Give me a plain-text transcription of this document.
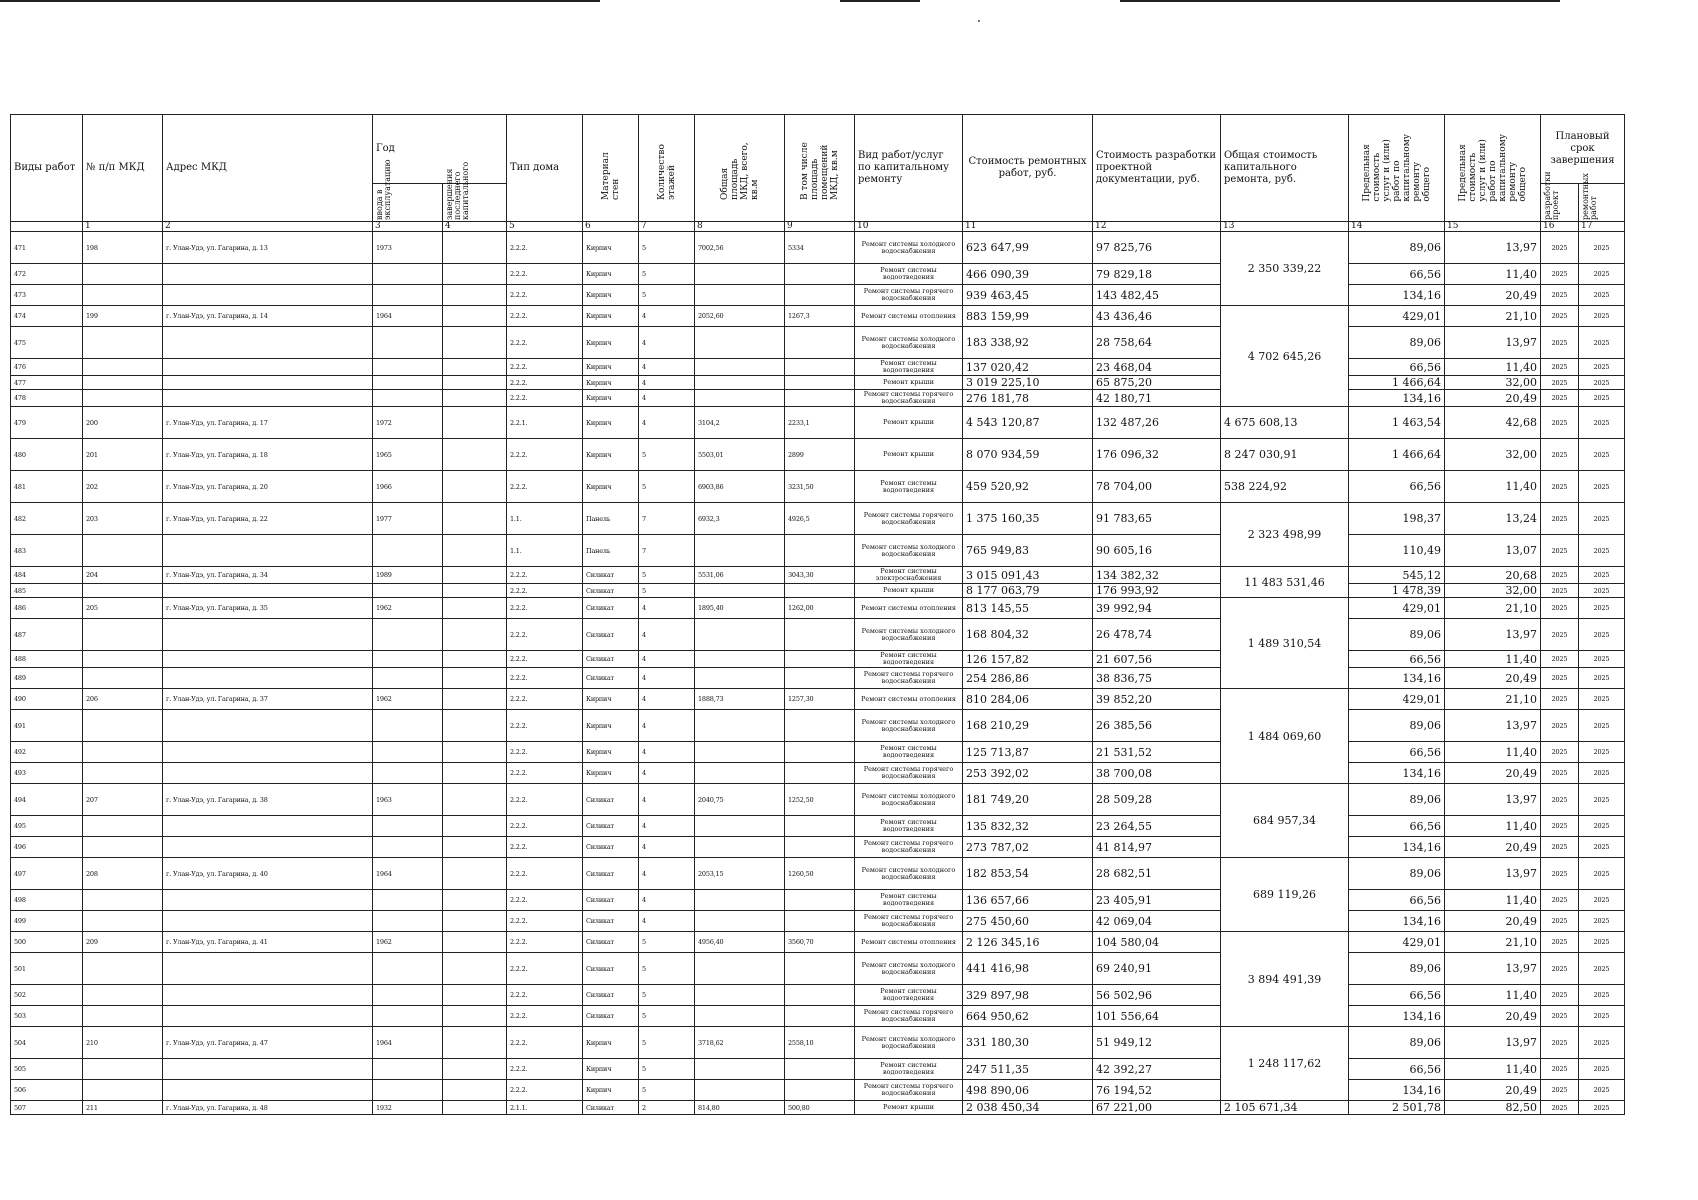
Виды работ	№ п/п МКД	Адрес МКД	Год		Тип дома	Материал стен	Количество этажей	Общая площадь МКД, всего, кв.м	В том числе площадь помещений МКД, кв.м	Вид работ/услуг по капитальному ремонту	Стоимость ремонтных работ, руб.	Стоимость разработки проектной документации, руб.	Общая стоимость капитального ремонта, руб.	Предельная стоимость услуг и (или) работ по капитальному ремонту общего	Предельная стоимость услуг и (или) работ по капитальному ремонту общего	Плановый срок завершения	

			ввода в эксплуатацию	завершения последнего капитального												разработки проект	ремонтных работ

	1	2	3	4	5	6	7	8	9	10	11	12	13	14	15	16	17
471	198	г. Улан-Удэ, ул. Гагарина, д. 13	1973		2.2.2.	Кирпич	5	7002,56	5334	Ремонт системы холодного водоснабжения	623 647,99	97 825,76	2 350 339,22	89,06	13,97	2025	2025
472					2.2.2.	Кирпич	5			Ремонт системы водоотведения	466 090,39	79 829,18		66,56	11,40	2025	2025
473					2.2.2.	Кирпич	5			Ремонт системы горячего водоснабжения	939 463,45	143 482,45		134,16	20,49	2025	2025
474	199	г. Улан-Удэ, ул. Гагарина, д. 14	1964		2.2.2.	Кирпич	4	2052,60	1267,3	Ремонт системы отопления	883 159,99	43 436,46	4 702 645,26	429,01	21,10	2025	2025
475					2.2.2.	Кирпич	4			Ремонт системы холодного водоснабжения	183 338,92	28 758,64		89,06	13,97	2025	2025
476					2.2.2.	Кирпич	4			Ремонт системы водоотведения	137 020,42	23 468,04		66,56	11,40	2025	2025
477					2.2.2.	Кирпич	4			Ремонт крыши	3 019 225,10	65 875,20		1 466,64	32,00	2025	2025
478					2.2.2.	Кирпич	4			Ремонт системы горячего водоснабжения	276 181,78	42 180,71		134,16	20,49	2025	2025
479	200	г. Улан-Удэ, ул. Гагарина, д. 17	1972		2.2.1.	Кирпич	4	3104,2	2233,1	Ремонт крыши	4 543 120,87	132 487,26	4 675 608,13	1 463,54	42,68	2025	2025
480	201	г. Улан-Удэ, ул. Гагарина, д. 18	1965		2.2.2.	Кирпич	5	5503,01	2899	Ремонт крыши	8 070 934,59	176 096,32	8 247 030,91	1 466,64	32,00	2025	2025
481	202	г. Улан-Удэ, ул. Гагарина, д. 20	1966		2.2.2.	Кирпич	5	6903,86	3231,50	Ремонт системы водоотведения	459 520,92	78 704,00	538 224,92	66,56	11,40	2025	2025
482	203	г. Улан-Удэ, ул. Гагарина, д. 22	1977		1.1.	Панель	7	6932,3	4926,5	Ремонт системы горячего водоснабжения	1 375 160,35	91 783,65	2 323 498,99	198,37	13,24	2025	2025
483					1.1.	Панель	7			Ремонт системы холодного водоснабжения	765 949,83	90 605,16		110,49	13,07	2025	2025
484	204	г. Улан-Удэ, ул. Гагарина, д. 34	1989		2.2.2.	Силикат	5	5531,06	3043,30	Ремонт системы электроснабжения	3 015 091,43	134 382,32	11 483 531,46	545,12	20,68	2025	2025
485					2.2.2.	Силикат	5			Ремонт крыши	8 177 063,79	176 993,92		1 478,39	32,00	2025	2025
486	205	г. Улан-Удэ, ул. Гагарина, д. 35	1962		2.2.2.	Силикат	4	1895,40	1262,00	Ремонт системы отопления	813 145,55	39 992,94	1 489 310,54	429,01	21,10	2025	2025
487					2.2.2.	Силикат	4			Ремонт системы холодного водоснабжения	168 804,32	26 478,74		89,06	13,97	2025	2025
488					2.2.2.	Силикат	4			Ремонт системы водоотведения	126 157,82	21 607,56		66,56	11,40	2025	2025
489					2.2.2.	Силикат	4			Ремонт системы горячего водоснабжения	254 286,86	38 836,75		134,16	20,49	2025	2025
490	206	г. Улан-Удэ, ул. Гагарина, д. 37	1962		2.2.2.	Кирпич	4	1888,73	1257,30	Ремонт системы отопления	810 284,06	39 852,20	1 484 069,60	429,01	21,10	2025	2025
491					2.2.2.	Кирпич	4			Ремонт системы холодного водоснабжения	168 210,29	26 385,56		89,06	13,97	2025	2025
492					2.2.2.	Кирпич	4			Ремонт системы водоотведения	125 713,87	21 531,52		66,56	11,40	2025	2025
493					2.2.2.	Кирпич	4			Ремонт системы горячего водоснабжения	253 392,02	38 700,08		134,16	20,49	2025	2025
494	207	г. Улан-Удэ, ул. Гагарина, д. 38	1963		2.2.2.	Силикат	4	2040,75	1252,50	Ремонт системы холодного водоснабжения	181 749,20	28 509,28	684 957,34	89,06	13,97	2025	2025
495					2.2.2.	Силикат	4			Ремонт системы водоотведения	135 832,32	23 264,55		66,56	11,40	2025	2025
496					2.2.2.	Силикат	4			Ремонт системы горячего водоснабжения	273 787,02	41 814,97		134,16	20,49	2025	2025
497	208	г. Улан-Удэ, ул. Гагарина, д. 40	1964		2.2.2.	Силикат	4	2053,15	1260,50	Ремонт системы холодного водоснабжения	182 853,54	28 682,51	689 119,26	89,06	13,97	2025	2025
498					2.2.2.	Силикат	4			Ремонт системы водоотведения	136 657,66	23 405,91		66,56	11,40	2025	2025
499					2.2.2.	Силикат	4			Ремонт системы горячего водоснабжения	275 450,60	42 069,04		134,16	20,49	2025	2025
500	209	г. Улан-Удэ, ул. Гагарина, д. 41	1962		2.2.2.	Силикат	5	4956,40	3560,70	Ремонт системы отопления	2 126 345,16	104 580,04	3 894 491,39	429,01	21,10	2025	2025
501					2.2.2.	Силикат	5			Ремонт системы холодного водоснабжения	441 416,98	69 240,91		89,06	13,97	2025	2025
502					2.2.2.	Силикат	5			Ремонт системы водоотведения	329 897,98	56 502,96		66,56	11,40	2025	2025
503					2.2.2.	Силикат	5			Ремонт системы горячего водоснабжения	664 950,62	101 556,64		134,16	20,49	2025	2025
504	210	г. Улан-Удэ, ул. Гагарина, д. 47	1964		2.2.2.	Кирпич	5	3718,62	2558,10	Ремонт системы холодного водоснабжения	331 180,30	51 949,12	1 248 117,62	89,06	13,97	2025	2025
505					2.2.2.	Кирпич	5			Ремонт системы водоотведения	247 511,35	42 392,27		66,56	11,40	2025	2025
506					2.2.2.	Кирпич	5			Ремонт системы горячего водоснабжения	498 890,06	76 194,52		134,16	20,49	2025	2025
507	211	г. Улан-Удэ, ул. Гагарина, д. 48	1932		2.1.1.	Силикат	2	814,80	500,80	Ремонт крыши	2 038 450,34	67 221,00	2 105 671,34	2 501,78	82,50	2025	2025
